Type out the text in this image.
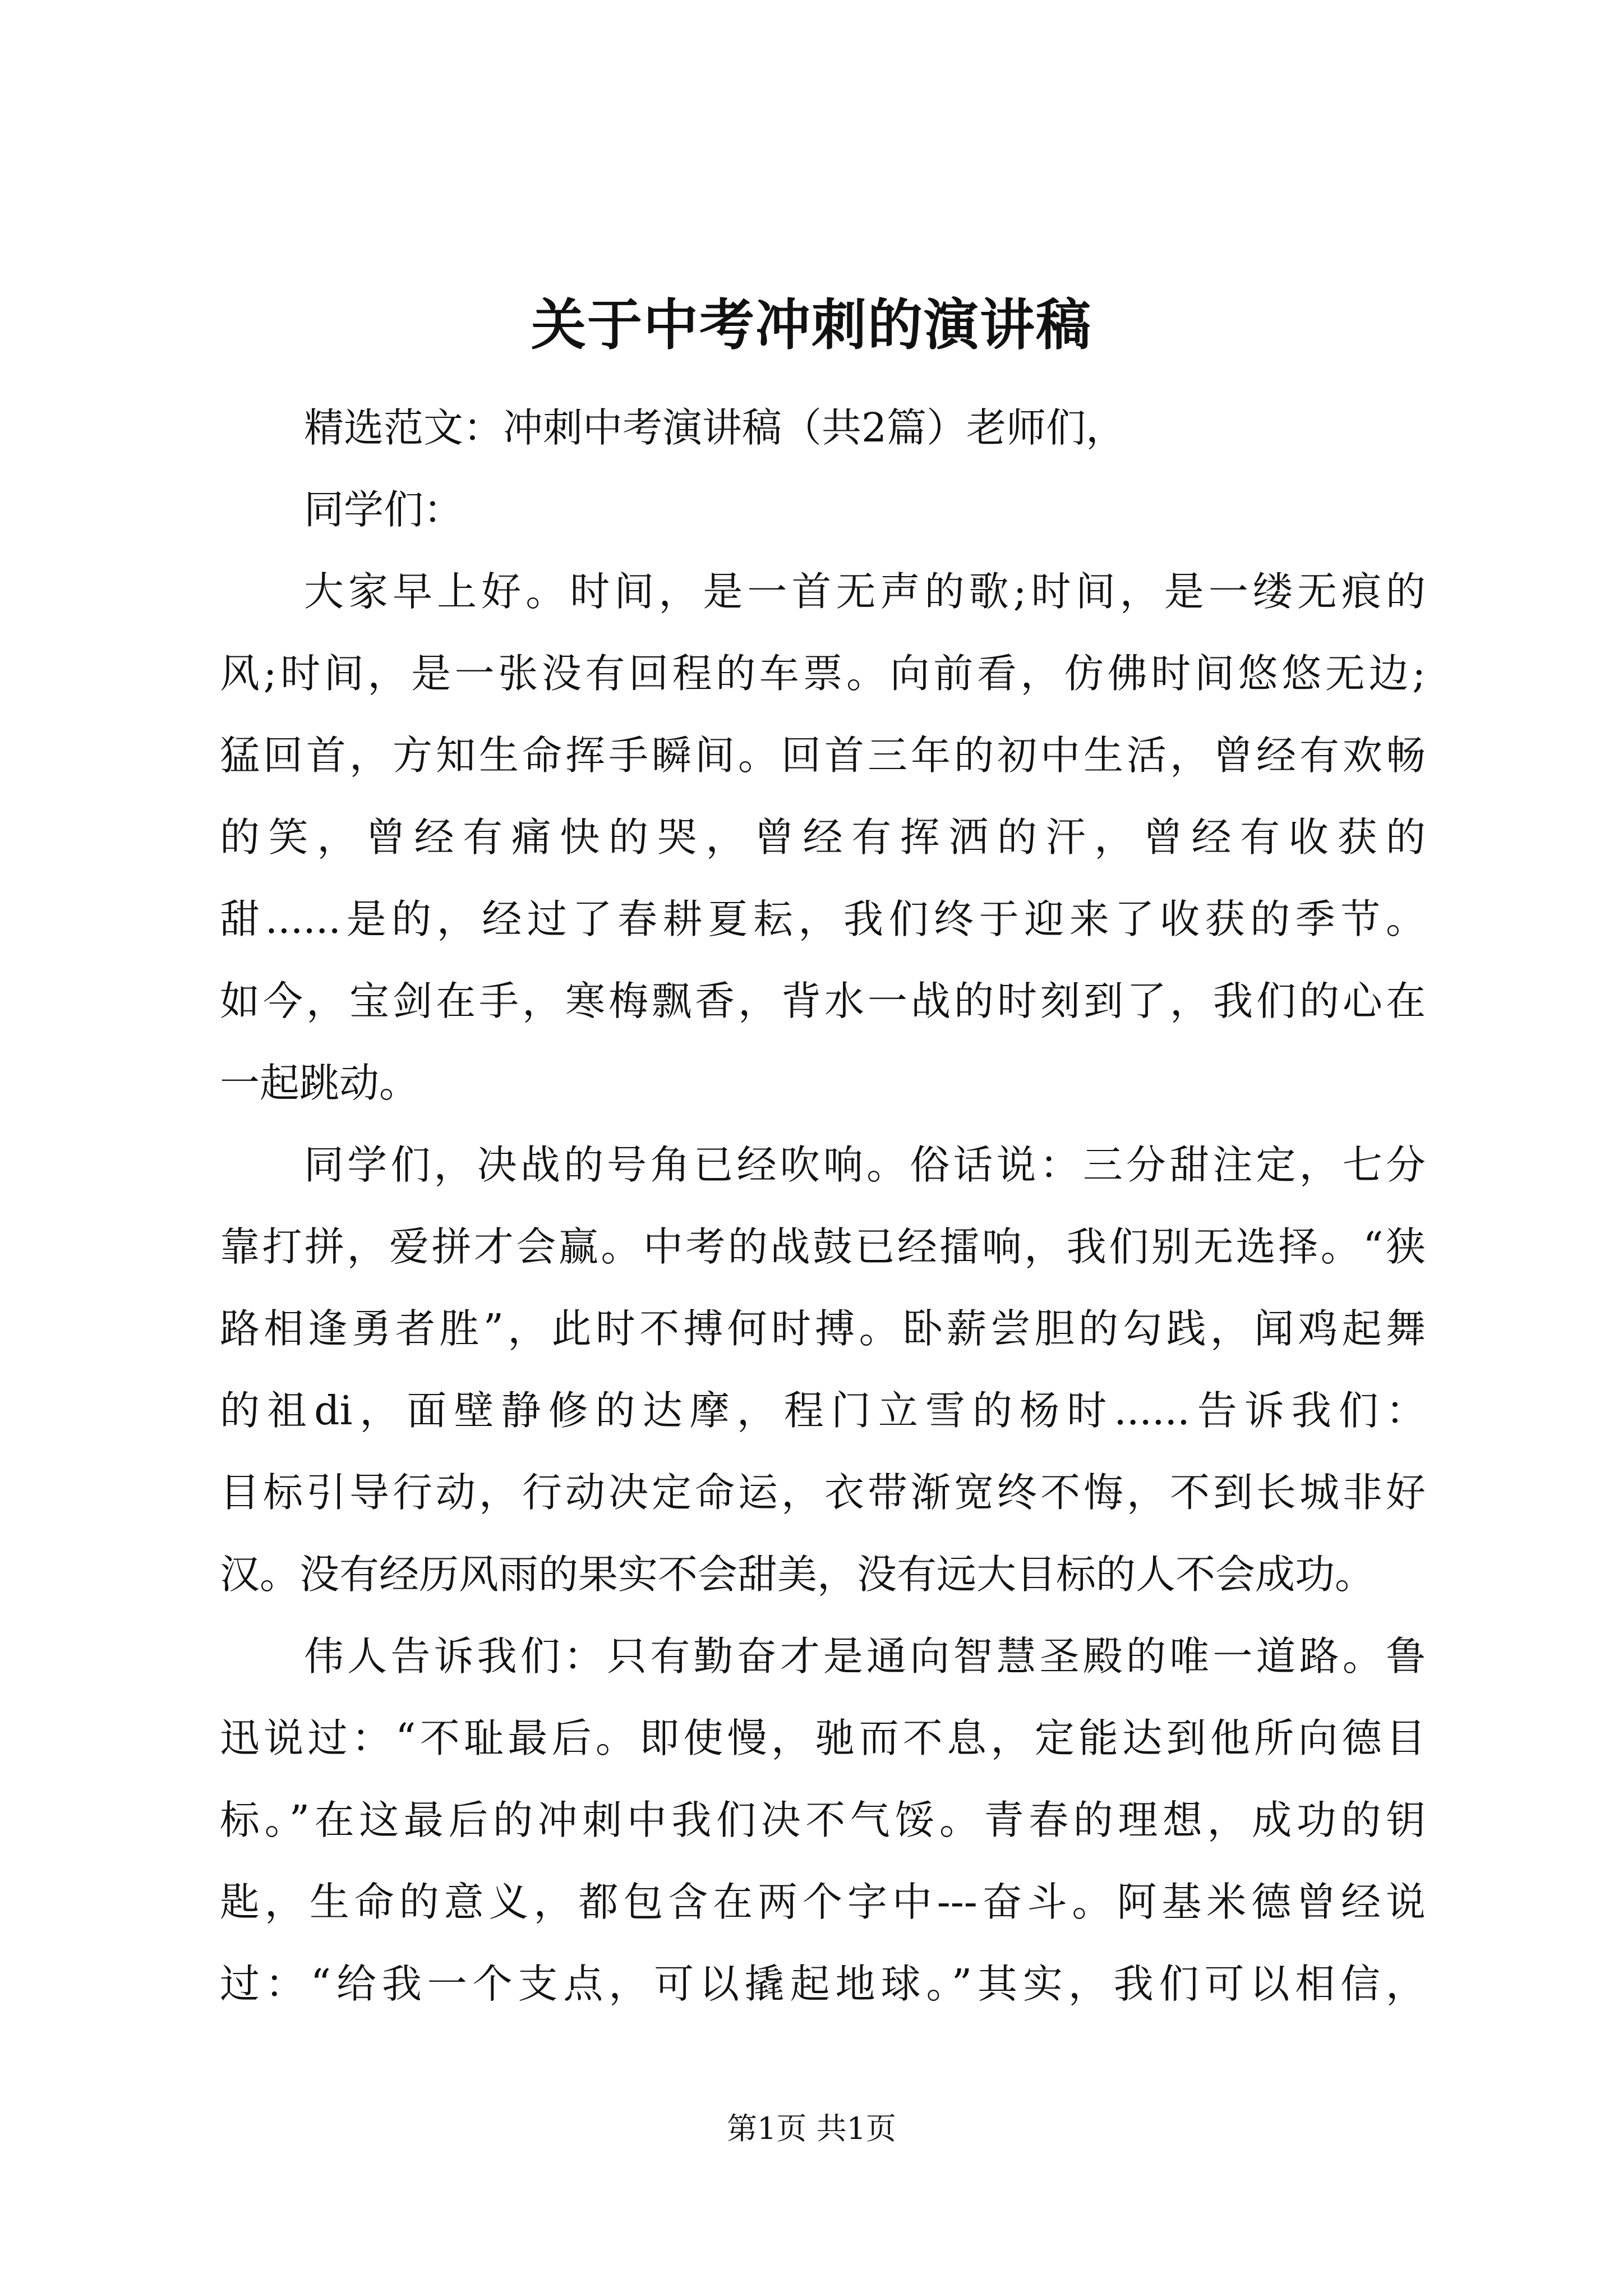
关于中考冲刺的演讲稿
精选范文：冲刺中考演讲稿（共2篇）老师们，
同学们：
大家早上好。时间，是一首无声的歌;时间，是一缕无痕的
风;时间，是一张没有回程的车票。向前看，仿佛时间悠悠无边;
猛回首，方知生命挥手瞬间。回首三年的初中生活，曾经有欢畅
的笑，曾经有痛快的哭，曾经有挥洒的汗，曾经有收获的
甜......是的，经过了春耕夏耘，我们终于迎来了收获的季节。
如今，宝剑在手，寒梅飘香，背水一战的时刻到了，我们的心在
一起跳动。
同学们，决战的号角已经吹响。俗话说：三分甜注定，七分
靠打拼，爱拼才会赢。中考的战鼓已经擂响，我们别无选择。“狭
路相逢勇者胜”，此时不搏何时搏。卧薪尝胆的勾践，闻鸡起舞
的祖di，面壁静修的达摩，程门立雪的杨时......告诉我们：
目标引导行动，行动决定命运，衣带渐宽终不悔，不到长城非好
汉。没有经历风雨的果实不会甜美，没有远大目标的人不会成功。
伟人告诉我们：只有勤奋才是通向智慧圣殿的唯一道路。鲁
迅说过：“不耻最后。即使慢，驰而不息，定能达到他所向德目
标。”在这最后的冲刺中我们决不气馁。青春的理想，成功的钥
匙，生命的意义，都包含在两个字中---奋斗。阿基米德曾经说
过：“给我一个支点，可以撬起地球。”其实，我们可以相信，
第1页 共1页
